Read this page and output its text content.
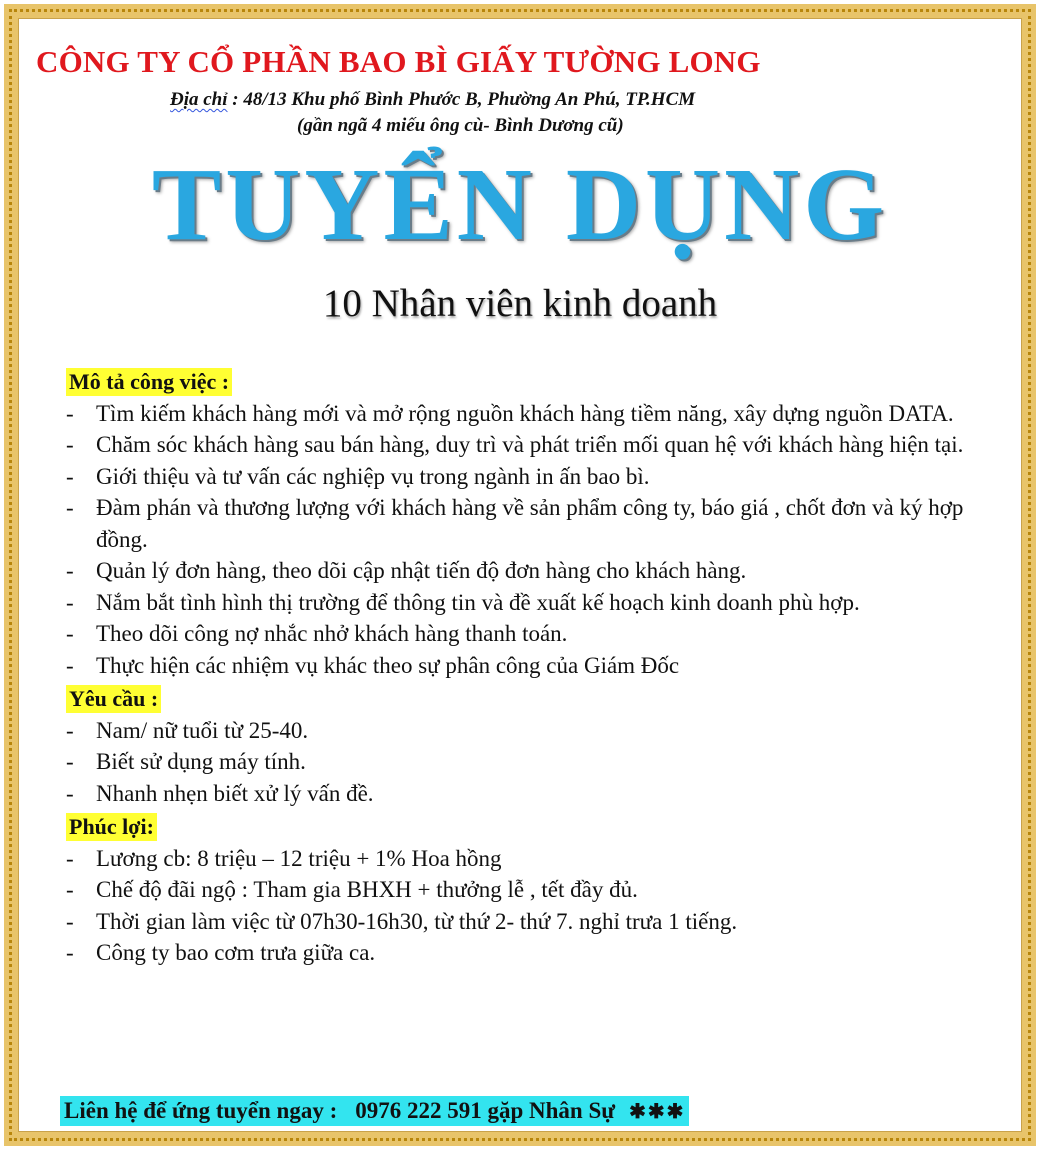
CÔNG TY CỔ PHẦN BAO BÌ GIẤY TƯỜNG LONG
Địa chỉ : 48/13 Khu phố Bình Phước B, Phường An Phú, TP.HCM
(gần ngã 4 miếu ông cù- Bình Dương cũ)
TUYỂN DỤNG
10 Nhân viên kinh doanh
Mô tả công việc :
- Tìm kiếm khách hàng mới và mở rộng nguồn khách hàng tiềm năng, xây dựng nguồn DATA.
- Chăm sóc khách hàng sau bán hàng, duy trì và phát triển mối quan hệ với khách hàng hiện tại.
- Giới thiệu và tư vấn các nghiệp vụ trong ngành in ấn bao bì.
- Đàm phán và thương lượng với khách hàng về sản phẩm công ty, báo giá , chốt đơn và ký hợp đồng.
- Quản lý đơn hàng, theo dõi cập nhật tiến độ đơn hàng cho khách hàng.
- Nắm bắt tình hình thị trường để thông tin và đề xuất kế hoạch kinh doanh phù hợp.
- Theo dõi công nợ nhắc nhở khách hàng thanh toán.
- Thực hiện các nhiệm vụ khác theo sự phân công của Giám Đốc
Yêu cầu :
- Nam/ nữ tuổi từ 25-40.
- Biết sử dụng máy tính.
- Nhanh nhẹn biết xử lý vấn đề.
Phúc lợi:
- Lương cb: 8 triệu – 12 triệu + 1% Hoa hồng
- Chế độ đãi ngộ : Tham gia BHXH + thưởng lễ , tết đầy đủ.
- Thời gian làm việc từ 07h30-16h30, từ thứ 2- thứ 7. nghỉ trưa 1 tiếng.
- Công ty bao cơm trưa giữa ca.
Liên hệ để ứng tuyển ngay : 0976 222 591 gặp Nhân Sự ✱✱✱
